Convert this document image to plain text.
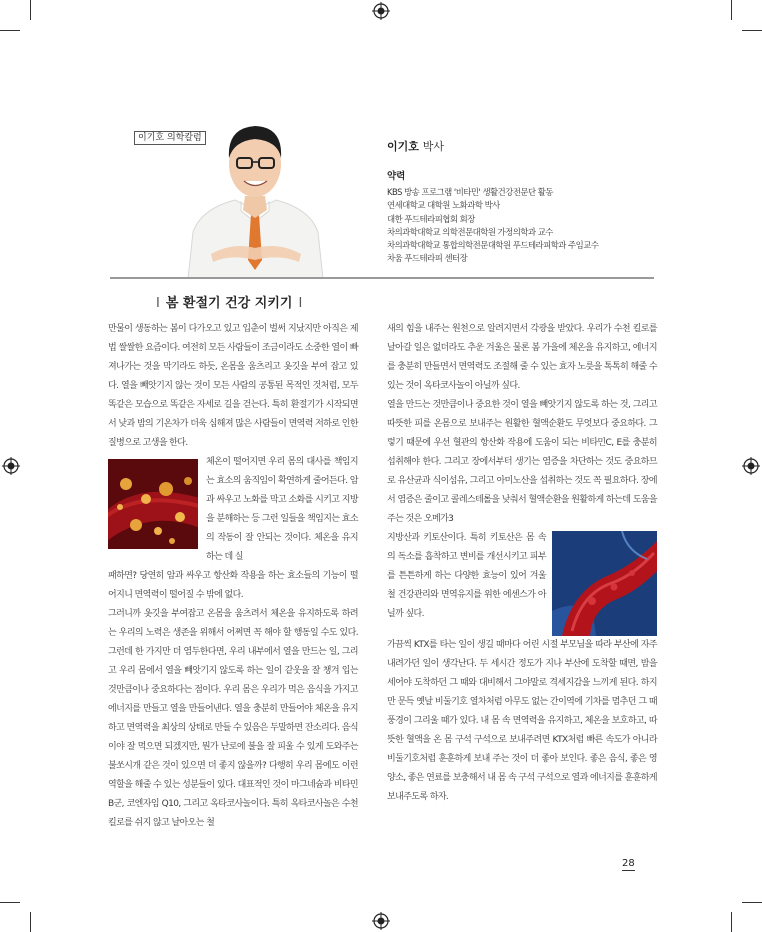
이기호 의학칼럼
이기호 박사
약력
KBS 방송 프로그램 '비타민' 생활건강전문단 활동
연세대학교 대학원 노화과학 박사
대한 푸드테라피협회 회장
차의과학대학교 의학전문대학원 가정의학과 교수
차의과학대학교 통합의학전문대학원 푸드테라피학과 주임교수
차움 푸드테라피 센터장
I 봄 환절기 건강 지키기 I

만물이 생동하는 봄이 다가오고 있고 입춘이 벌써 지났지만 아직은 제법 쌀쌀한 요즘이다. 여전히 모든 사람들이 조금이라도 소중한 열이 빠져나가는 것을 막기라도 하듯, 온몸을 움츠리고 옷깃을 부여 잡고 있다. 열을 빼앗기지 않는 것이 모든 사람의 공통된 목적인 것처럼, 모두 똑같은 모습으로 똑같은 자세로 길을 걷는다. 특히 환절기가 시작되면서 낮과 밤의 기온차가 더욱 심해져 많은 사람들이 면역력 저하로 인한 질병으로 고생을 한다.

체온이 떨어지면 우리 몸의 대사를 책임지는 효소의 움직임이 확연하게 줄어든다. 암과 싸우고 노화를 막고 소화를 시키고 지방을 분해하는 등 그런 일들을 책임지는 효소의 작동이 잘 안되는 것이다. 체온을 유지하는 데 실

패하면? 당연히 암과 싸우고 항산화 작용을 하는 효소들의 기능이 떨어지니 면역력이 떨어질 수 밖에 없다.

그러니까 옷깃을 부여잡고 온몸을 움츠려서 체온을 유지하도록 하려는 우리의 노력은 생존을 위해서 어쩌면 꼭 해야 할 행동일 수도 있다. 그런데 한 가지만 더 염두한다면, 우리 내부에서 열을 만드는 일, 그리고 우리 몸에서 열을 빼앗기지 않도록 하는 일이 같웃을 잘 챙겨 입는 것만큼이나 중요하다는 점이다. 우리 몸은 우리가 먹은 음식을 가지고 에너지를 만들고 열을 만들어낸다. 열을 충분히 만들어야 체온을 유지하고 면역력을 최상의 상태로 만들 수 있음은 두말하면 잔소리다. 음식이야 잘 먹으면 되겠지만, 뭔가 난로에 불을 잘 피울 수 있게 도와주는 불쏘시개 같은 것이 있으면 더 좋지 않을까? 다행히 우리 몸에도 이런 역할을 해줄 수 있는 성분들이 있다. 대표적인 것이 마그네슘과 비타민B군, 코엔자임 Q10, 그리고 옥타코사놀이다. 특히 옥타코사놀은 수천 킬로를 쉬지 않고 날아오는 철

새의 힘을 내주는 원천으로 알려지면서 각광을 받았다. 우리가 수천 킬로를 날아갈 일은 없더라도 추운 겨울은 물론 봄 가을에 체온을 유지하고, 에너지를 충분히 만들면서 면역력도 조절해 줄 수 있는 효자 노릇을 톡톡히 해줄 수 있는 것이 옥타코사놀이 아닐까 싶다.

열을 만드는 것만큼이나 중요한 것이 열을 빼앗기지 않도록 하는 것, 그리고 따뜻한 피를 온몸으로 보내주는 원활한 혈액순환도 무엇보다 중요하다. 그렇기 때문에 우선 혈관의 항산화 작용에 도움이 되는 비타민C, E를 충분히 섭취해야 한다. 그리고 장에서부터 생기는 염증을 차단하는 것도 중요하므로 유산균과 식이섬유, 그리고 아미노산을 섭취하는 것도 꼭 필요하다. 장에서 염증은 줄이고 콜레스테롤을 낮춰서 혈액순환을 원활하게 하는데 도움을 주는 것은 오메가3

지방산과 키토산이다. 특히 키토산은 몸 속의 독소를 흡착하고 변비를 개선시키고 피부를 튼튼하게 하는 다양한 효능이 있어 겨울철 건강관리와 면역유지를 위한 에센스가 아닐까 싶다.

가끔씩 KTX를 타는 일이 생길 때마다 어린 시절 부모님을 따라 부산에 자주 내려가던 일이 생각난다. 두 세시간 정도가 지나 부산에 도착할 때면, 밤을 세어야 도착하던 그 때와 대비해서 그야말로 격세지감을 느끼게 된다. 하지만 문득 옛날 비둘기호 열차처럼 아무도 없는 간이역에 기차를 멈추던 그 때 풍경이 그리울 때가 있다. 내 몸 속 면역력을 유지하고, 체온을 보호하고, 따뜻한 혈액을 온 몸 구석 구석으로 보내주려면 KTX처럼 빠른 속도가 아니라 비둘기호처럼 훈훈하게 보내 주는 것이 더 좋아 보인다. 좋은 음식, 좋은 영양소, 좋은 연료를 보충해서 내 몸 속 구석 구석으로 열과 에너지를 훈훈하게 보내주도록 하자.

28
